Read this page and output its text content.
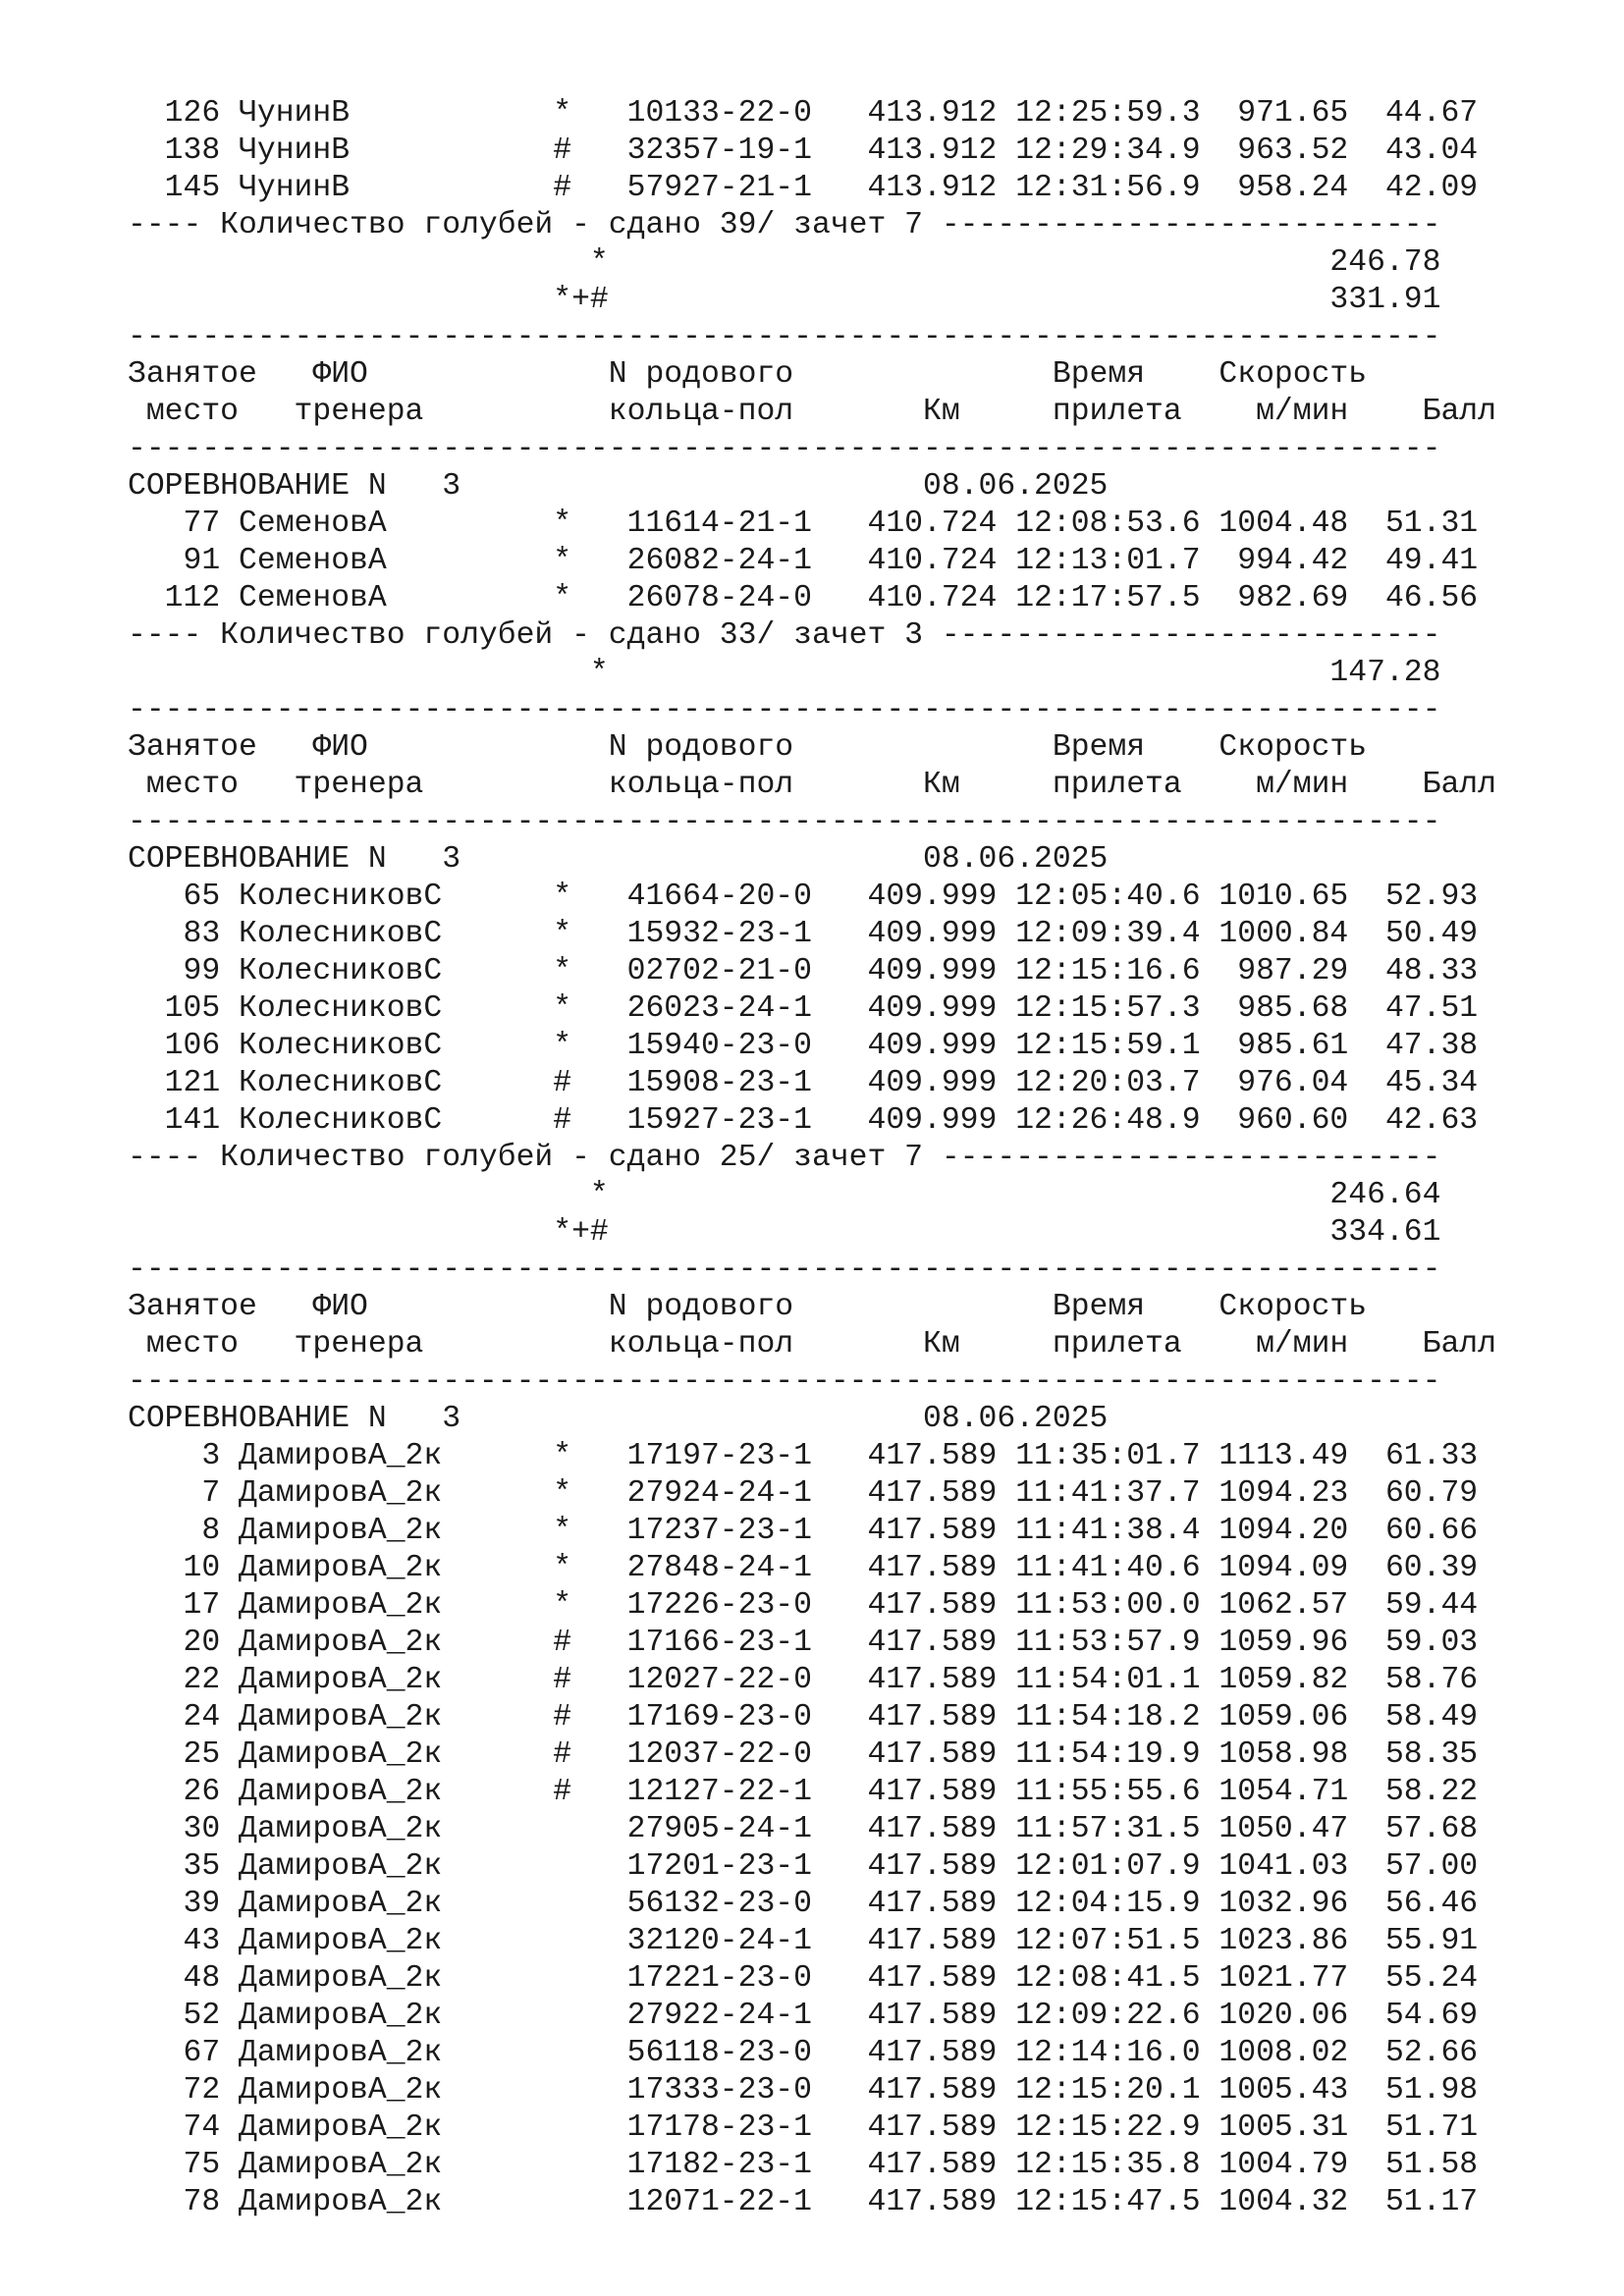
126 ЧунинВ           *   10133-22-0   413.912 12:25:59.3  971.65  44.67
138 ЧунинВ           #   32357-19-1   413.912 12:29:34.9  963.52  43.04
145 ЧунинВ           #   57927-21-1   413.912 12:31:56.9  958.24  42.09
---- Количество голубей - сдано 39/ зачет 7 ---------------------------
*                                       246.78
*+#                                       331.91
-----------------------------------------------------------------------
Занятое   ФИО             N родового              Время    Скорость
место   тренера          кольца-пол       Км     прилета    м/мин    Балл
-----------------------------------------------------------------------
СОРЕВНОВАНИЕ N   3                         08.06.2025
77 СеменовА         *   11614-21-1   410.724 12:08:53.6 1004.48  51.31
91 СеменовА         *   26082-24-1   410.724 12:13:01.7  994.42  49.41
112 СеменовА         *   26078-24-0   410.724 12:17:57.5  982.69  46.56
---- Количество голубей - сдано 33/ зачет 3 ---------------------------
*                                       147.28
-----------------------------------------------------------------------
Занятое   ФИО             N родового              Время    Скорость
место   тренера          кольца-пол       Км     прилета    м/мин    Балл
-----------------------------------------------------------------------
СОРЕВНОВАНИЕ N   3                         08.06.2025
65 КолесниковС      *   41664-20-0   409.999 12:05:40.6 1010.65  52.93
83 КолесниковС      *   15932-23-1   409.999 12:09:39.4 1000.84  50.49
99 КолесниковС      *   02702-21-0   409.999 12:15:16.6  987.29  48.33
105 КолесниковС      *   26023-24-1   409.999 12:15:57.3  985.68  47.51
106 КолесниковС      *   15940-23-0   409.999 12:15:59.1  985.61  47.38
121 КолесниковС      #   15908-23-1   409.999 12:20:03.7  976.04  45.34
141 КолесниковС      #   15927-23-1   409.999 12:26:48.9  960.60  42.63
---- Количество голубей - сдано 25/ зачет 7 ---------------------------
*                                       246.64
*+#                                       334.61
-----------------------------------------------------------------------
Занятое   ФИО             N родового              Время    Скорость
место   тренера          кольца-пол       Км     прилета    м/мин    Балл
-----------------------------------------------------------------------
СОРЕВНОВАНИЕ N   3                         08.06.2025
3 ДамировА_2к      *   17197-23-1   417.589 11:35:01.7 1113.49  61.33
7 ДамировА_2к      *   27924-24-1   417.589 11:41:37.7 1094.23  60.79
8 ДамировА_2к      *   17237-23-1   417.589 11:41:38.4 1094.20  60.66
10 ДамировА_2к      *   27848-24-1   417.589 11:41:40.6 1094.09  60.39
17 ДамировА_2к      *   17226-23-0   417.589 11:53:00.0 1062.57  59.44
20 ДамировА_2к      #   17166-23-1   417.589 11:53:57.9 1059.96  59.03
22 ДамировА_2к      #   12027-22-0   417.589 11:54:01.1 1059.82  58.76
24 ДамировА_2к      #   17169-23-0   417.589 11:54:18.2 1059.06  58.49
25 ДамировА_2к      #   12037-22-0   417.589 11:54:19.9 1058.98  58.35
26 ДамировА_2к      #   12127-22-1   417.589 11:55:55.6 1054.71  58.22
30 ДамировА_2к          27905-24-1   417.589 11:57:31.5 1050.47  57.68
35 ДамировА_2к          17201-23-1   417.589 12:01:07.9 1041.03  57.00
39 ДамировА_2к          56132-23-0   417.589 12:04:15.9 1032.96  56.46
43 ДамировА_2к          32120-24-1   417.589 12:07:51.5 1023.86  55.91
48 ДамировА_2к          17221-23-0   417.589 12:08:41.5 1021.77  55.24
52 ДамировА_2к          27922-24-1   417.589 12:09:22.6 1020.06  54.69
67 ДамировА_2к          56118-23-0   417.589 12:14:16.0 1008.02  52.66
72 ДамировА_2к          17333-23-0   417.589 12:15:20.1 1005.43  51.98
74 ДамировА_2к          17178-23-1   417.589 12:15:22.9 1005.31  51.71
75 ДамировА_2к          17182-23-1   417.589 12:15:35.8 1004.79  51.58
78 ДамировА_2к          12071-22-1   417.589 12:15:47.5 1004.32  51.17
